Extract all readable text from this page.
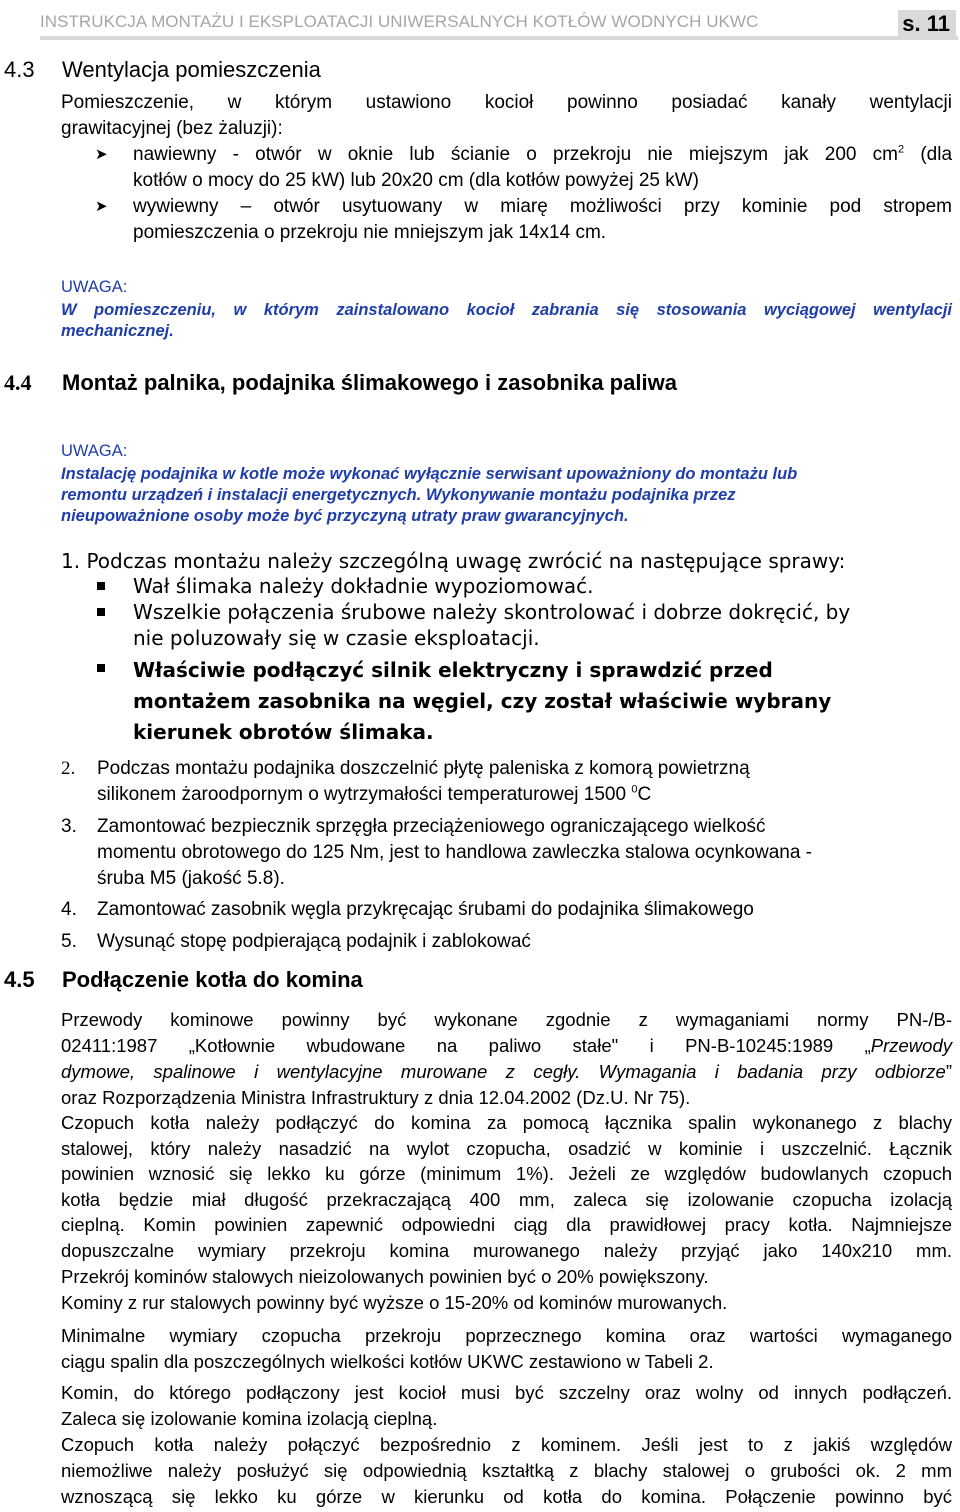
INSTRUKCJA MONTAŻU I EKSPLOATACJI UNIWERSALNYCH KOTŁÓW WODNYCH UKWC	s. 11
4.3 Wentylacja pomieszczenia
Pomieszczenie, w którym ustawiono kocioł powinno posiadać kanały wentylacji
grawitacyjnej (bez żaluzji):
➤ nawiewny - otwór w oknie lub ścianie o przekroju nie miejszym jak 200 $cm^2$ (dla
kotłów o mocy do 25 kW) lub 20x20 cm (dla kotłów powyżej 25 kW)
➤ wywiewny – otwór usytuowany w miarę możliwości przy kominie pod stropem
pomieszczenia o przekroju nie mniejszym jak 14x14 cm.
UWAGA:
W pomieszczeniu, w którym zainstalowano kocioł zabrania się stosowania wyciągowej wentylacji
mechanicznej.
4.4 Montaż palnika, podajnika ślimakowego i zasobnika paliwa
UWAGA:
Instalację podajnika w kotle może wykonać wyłącznie serwisant upoważniony do montażu lub
remontu urządzeń i instalacji energetycznych. Wykonywanie montażu podajnika przez
nieupoważnione osoby może być przyczyną utraty praw gwarancyjnych.
1. Podczas montażu należy szczególną uwagę zwrócić na następujące sprawy:
Wał ślimaka należy dokładnie wypoziomować.
Wszelkie połączenia śrubowe należy skontrolować i dobrze dokręcić, by
nie poluzowały się w czasie eksploatacji.
Właściwie podłączyć silnik elektryczny i sprawdzić przed
montażem zasobnika na węgiel, czy został właściwie wybrany
kierunek obrotów ślimaka.
2. Podczas montażu podajnika doszczelnić płytę paleniska z komorą powietrzną
silikonem żaroodpornym o wytrzymałości temperaturowej 1500 $^0$C
3. Zamontować bezpiecznik sprzęgła przeciążeniowego ograniczającego wielkość
momentu obrotowego do 125 Nm, jest to handlowa zawleczka stalowa ocynkowana -
śruba M5 (jakość 5.8).
4. Zamontować zasobnik węgla przykręcając śrubami do podajnika ślimakowego
5. Wysunąć stopę podpierającą podajnik i zablokować
4.5 Podłączenie kotła do komina
Przewody kominowe powinny być wykonane zgodnie z wymaganiami normy PN-/B-
02411:1987 „Kotłownie wbudowane na paliwo stałe" i PN-B-10245:1989 „Przewody
dymowe, spalinowe i wentylacyjne murowane z cegły. Wymagania i badania przy odbiorze”
oraz Rozporządzenia Ministra Infrastruktury z dnia 12.04.2002 (Dz.U. Nr 75).
Czopuch kotła należy podłączyć do komina za pomocą łącznika spalin wykonanego z blachy
stalowej, który należy nasadzić na wylot czopucha, osadzić w kominie i uszczelnić. Łącznik
powinien wznosić się lekko ku górze (minimum 1%). Jeżeli ze względów budowlanych czopuch
kotła będzie miał długość przekraczającą 400 mm, zaleca się izolowanie czopucha izolacją
cieplną. Komin powinien zapewnić odpowiedni ciąg dla prawidłowej pracy kotła. Najmniejsze
dopuszczalne wymiary przekroju komina murowanego należy przyjąć jako 140x210 mm.
Przekrój kominów stalowych nieizolowanych powinien być o 20% powiększony.
Kominy z rur stalowych powinny być wyższe o 15-20% od kominów murowanych.
Minimalne wymiary czopucha przekroju poprzecznego komina oraz wartości wymaganego
ciągu spalin dla poszczególnych wielkości kotłów UKWC zestawiono w Tabeli 2.
Komin, do którego podłączony jest kocioł musi być szczelny oraz wolny od innych podłączeń.
Zaleca się izolowanie komina izolacją cieplną.
Czopuch kotła należy połączyć bezpośrednio z kominem. Jeśli jest to z jakiś względów
niemożliwe należy posłużyć się odpowiednią kształtką z blachy stalowej o grubości ok. 2 mm
wznoszącą się lekko ku górze w kierunku od kotła do komina. Połączenie powinno być
